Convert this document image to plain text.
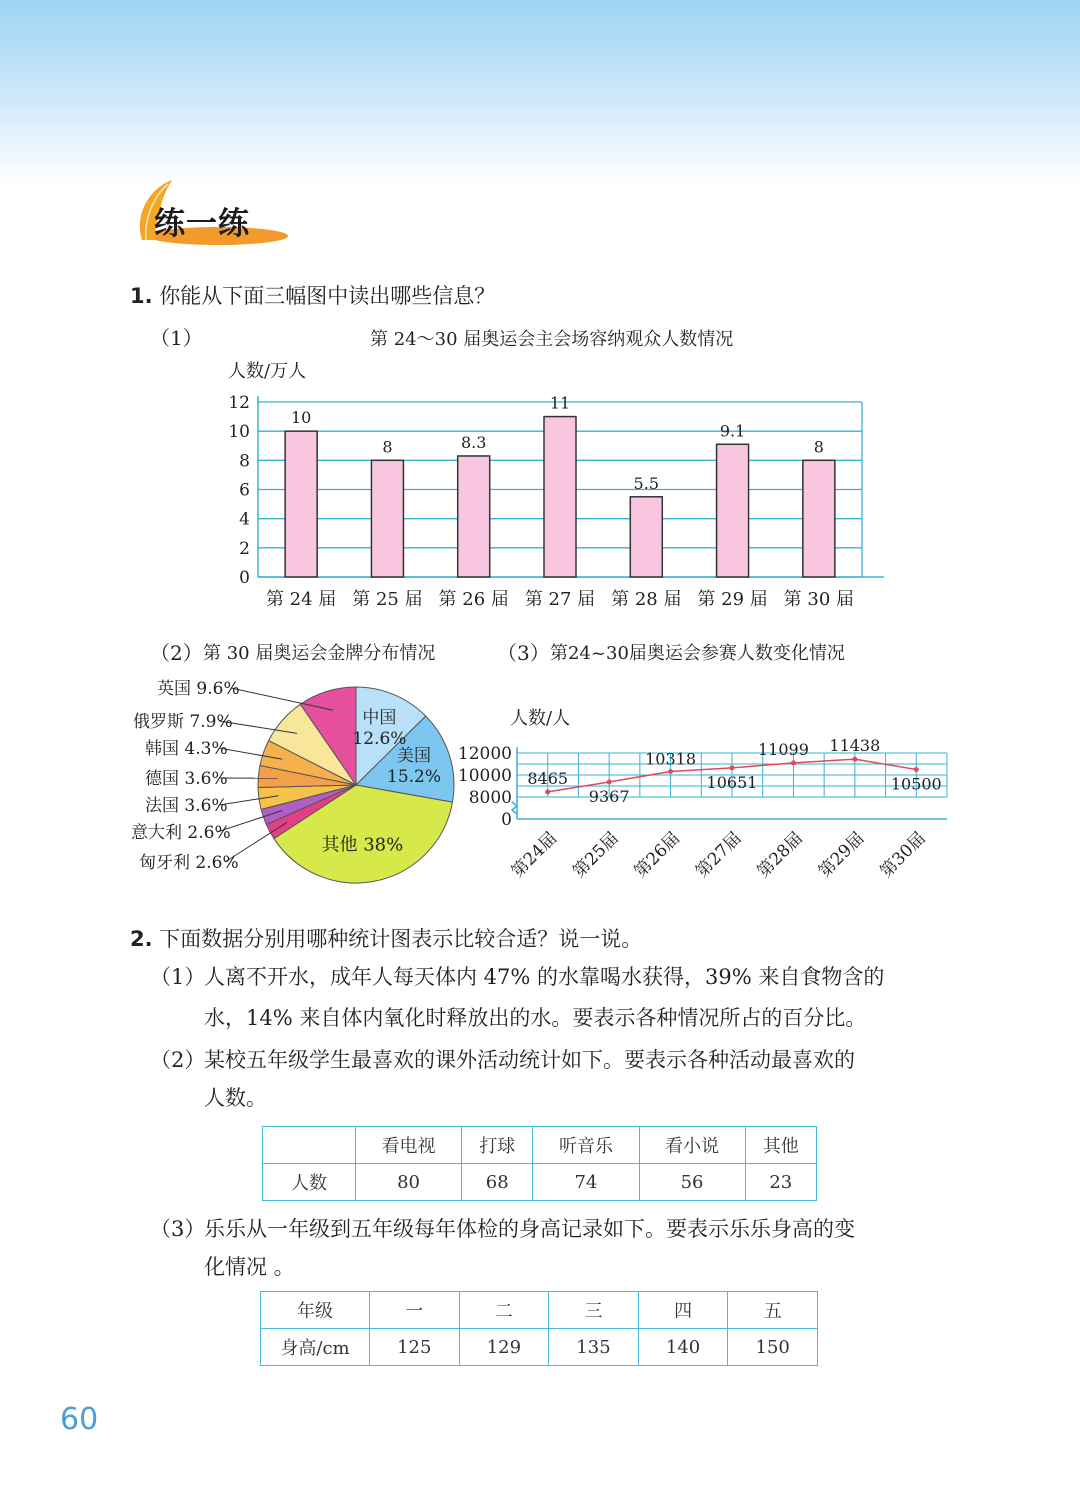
练一练
1. 你能从下面三幅图中读出哪些信息？
（1）	第 24～30 届奥运会主会场容纳观众人数情况
人数/万人
0
2
4
6
8
10
12
10
8	8.3
11
5.5
9.1
8
第 24 届 第 25 届 第 26 届 第 27 届 第 28 届 第 29 届 第 30 届
（2） 第 30 届奥运会金牌分布情况	（3） 第24~30届奥运会参赛人数变化情况
中国
12.6%
美国
15.2%
其他 38%
匈牙利 2.6%
意大利 2.6%
法国 3.6%
德国 3.6%
韩国 4.3%
俄罗斯 7.9%
英国 9.6%
人数/人
0
8000
10000
12000
8465
9367
10318
10651
11099 11438
10500
第24届 第25届 第26届 第27届 第28届 第29届 第30届
2. 下面数据分别用哪种统计图表示比较合适？说一说。
（1）
人离不开水，成年人每天体内 47% 的水靠喝水获得，39% 来自食物含的
水，14% 来自体内氧化时释放出的水。要表示各种情况所占的百分比。
（2）
某校五年级学生最喜欢的课外活动统计如下。要表示各种活动最喜欢的
人数。
	看电视	打球	听音乐	看小说	其他
人数	80	68	74	56	23
（3）
乐乐从一年级到五年级每年体检的身高记录如下。要表示乐乐身高的变
化情况 。
年级	一	二	三	四	五
身高/cm	125	129	135	140	150
60
